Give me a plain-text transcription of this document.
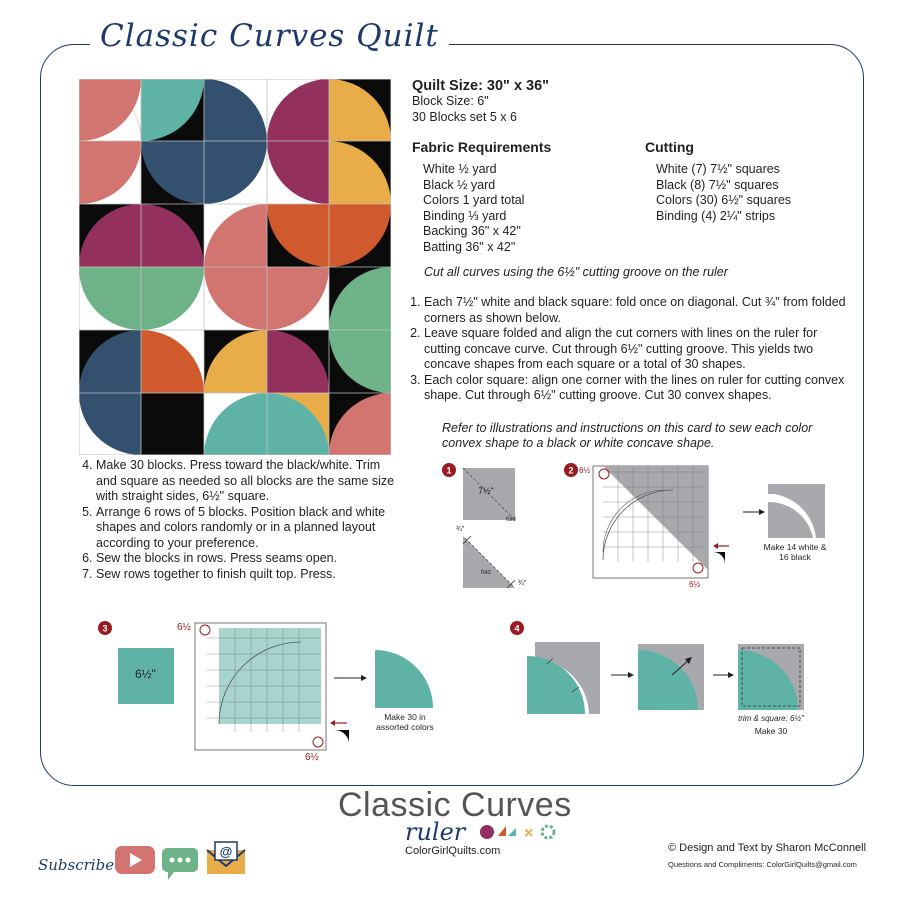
Classic Curves Quilt
Quilt Size: 30" x 36"
Block Size: 6"
30 Blocks set 5 x 6
Fabric Requirements
White ½ yard
Black ½ yard
Colors 1 yard total
Binding ⅓ yard
Backing 36" x 42"
Batting 36" x 42"
Cutting
White (7) 7½" squares
Black (8) 7½" squares
Colors (30) 6½" squares
Binding (4) 2¼" strips
Cut all curves using the 6½" cutting groove on the ruler
1. Each 7½" white and black square: fold once on diagonal. Cut ¾" from folded corners as shown below.
2. Leave square folded and align the cut corners with lines on the ruler for cutting concave curve. Cut through 6½" cutting groove. This yields two concave shapes from each square or a total of 30 shapes.
3. Each color square: align one corner with the lines on ruler for cutting convex shape. Cut through 6½" cutting groove. Cut 30 convex shapes.
Refer to illustrations and instructions on this card to sew each color convex shape to a black or white concave shape.
4. Make 30 blocks. Press toward the black/white. Trim and square as needed so all blocks are the same size with straight sides, 6½" square.
5. Arrange 6 rows of 5 blocks. Position black and white shapes and colors randomly or in a planned layout according to your preference.
6. Sew the blocks in rows. Press seams open.
7. Sew rows together to finish quilt top. Press.
1
7½"
fold
fold
¾"
¾"
2 6½
6½
Make 14 white & 16 black
3
6½"
6½
6½
Make 30 in assorted colors
4
trim & square: 6½"
Make 30
Classic Curves
ruler	×
ColorGirlQuilts.com
Subscribe
@	© Design and Text by Sharon McConnell
Questions and Compliments: ColorGirlQuilts@gmail.com
